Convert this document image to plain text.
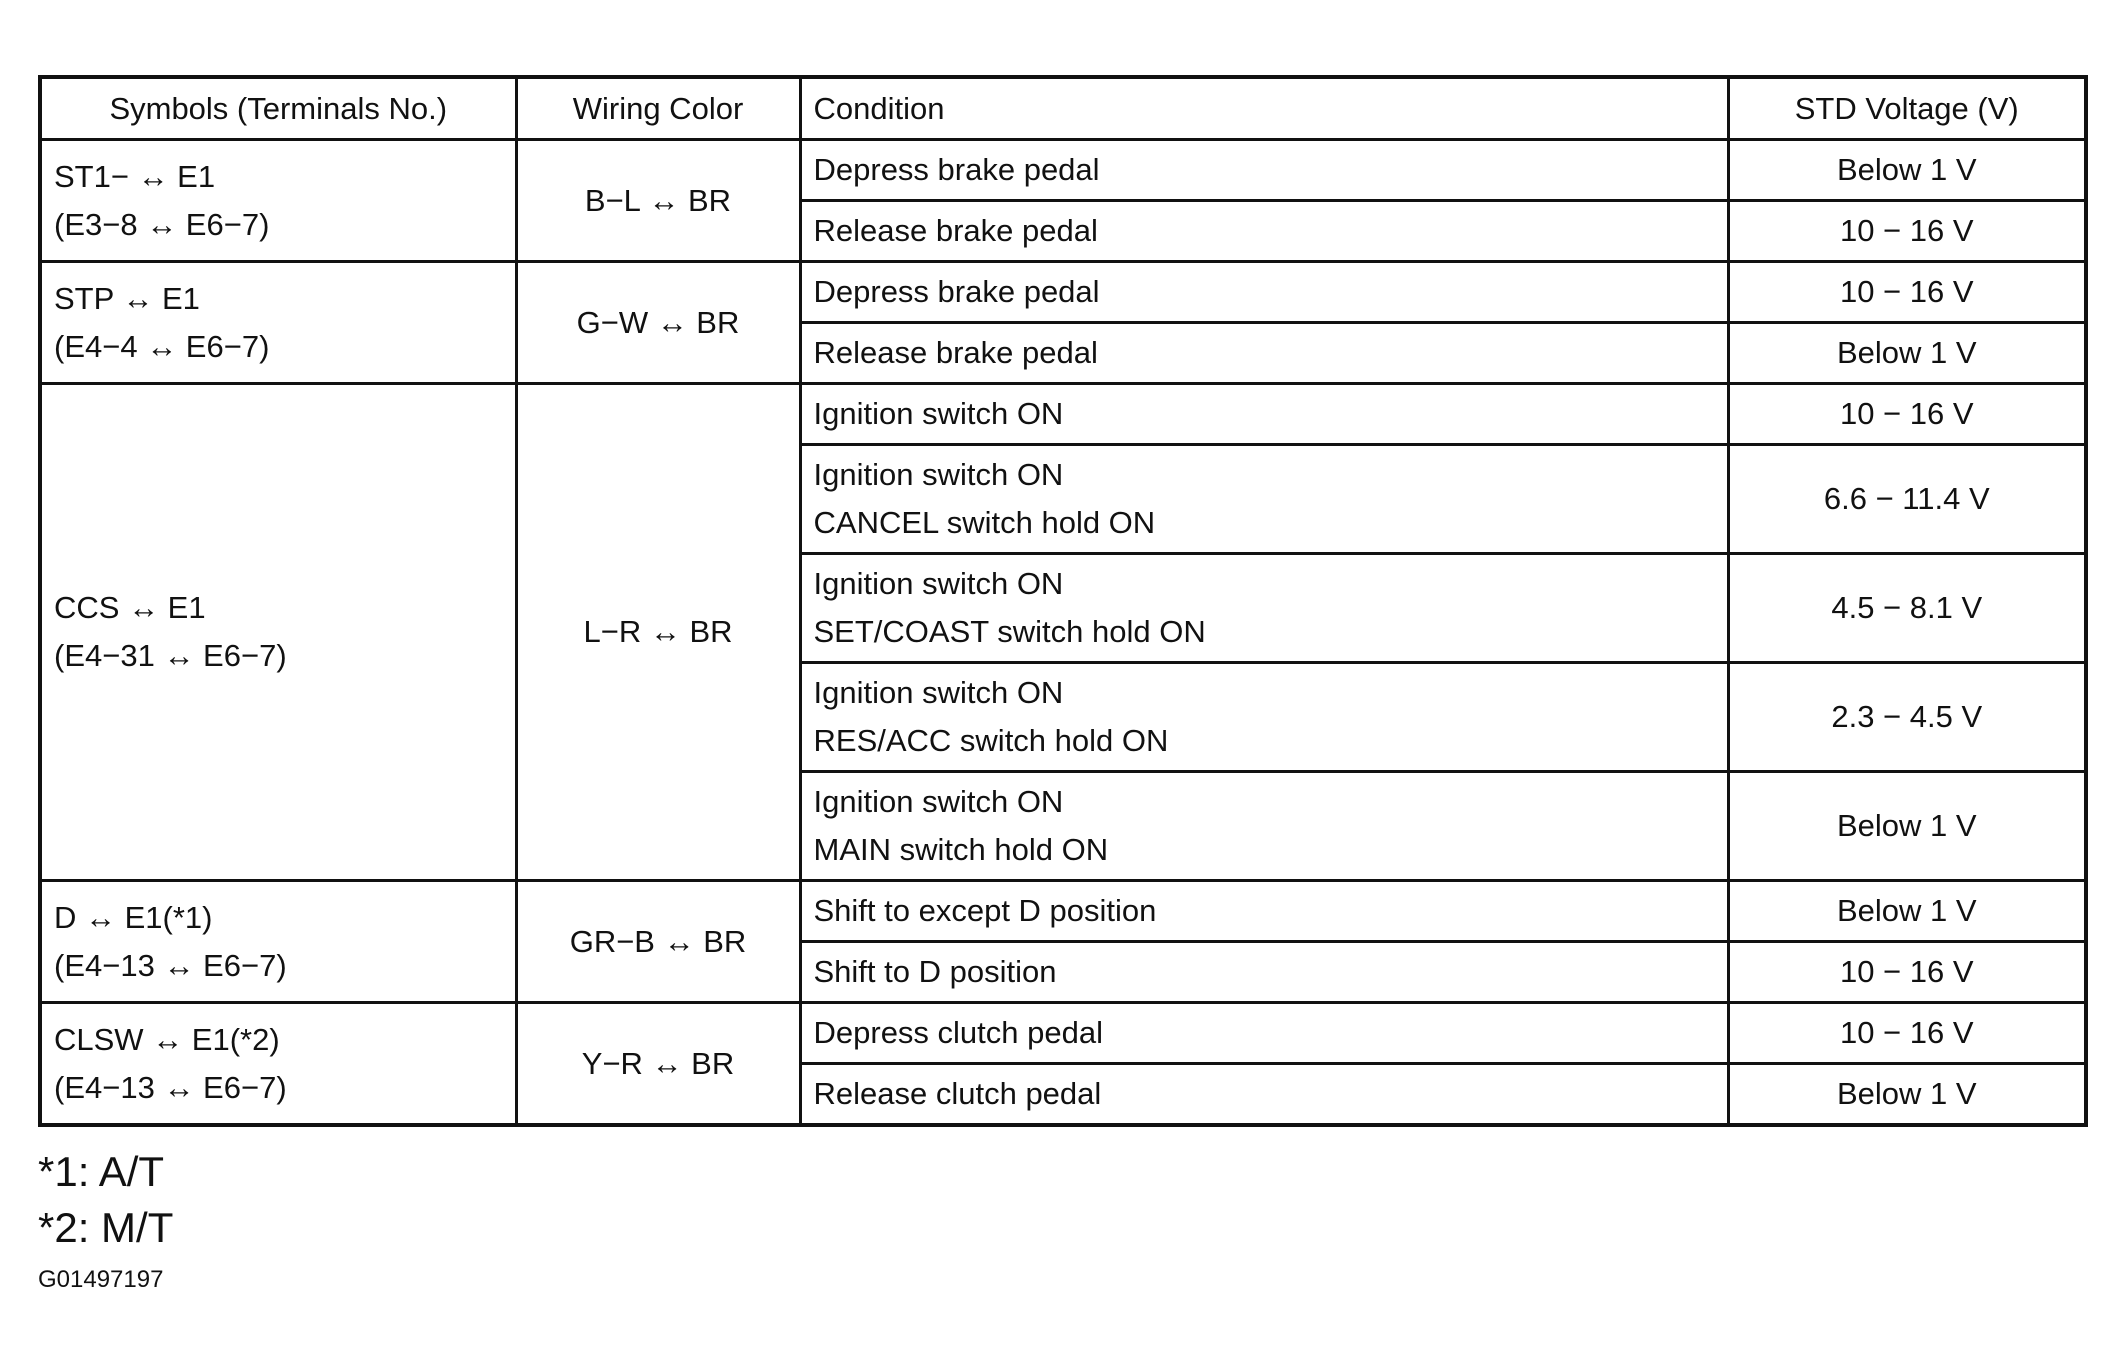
Symbols (Terminals No.)	Wiring Color	Condition	STD Voltage (V)

ST1− ↔ E1
(E3−8 ↔ E6−7)	B−L ↔ BR	Depress brake pedal	Below 1 V

		Release brake pedal	10 − 16 V

STP ↔ E1
(E4−4 ↔ E6−7)	G−W ↔ BR	Depress brake pedal	10 − 16 V

		Release brake pedal	Below 1 V

CCS ↔ E1
(E4−31 ↔ E6−7)	L−R ↔ BR	Ignition switch ON	10 − 16 V

		Ignition switch ON
CANCEL switch hold ON	6.6 − 11.4 V

		Ignition switch ON
SET/COAST switch hold ON	4.5 − 8.1 V

		Ignition switch ON
RES/ACC switch hold ON	2.3 − 4.5 V

		Ignition switch ON
MAIN switch hold ON	Below 1 V

D ↔ E1(*1)
(E4−13 ↔ E6−7)	GR−B ↔ BR	Shift to except D position	Below 1 V

		Shift to D position	10 − 16 V

CLSW ↔ E1(*2)
(E4−13 ↔ E6−7)	Y−R ↔ BR	Depress clutch pedal	10 − 16 V

		Release clutch pedal	Below 1 V
*1: A/T
*2: M/T
G01497197
